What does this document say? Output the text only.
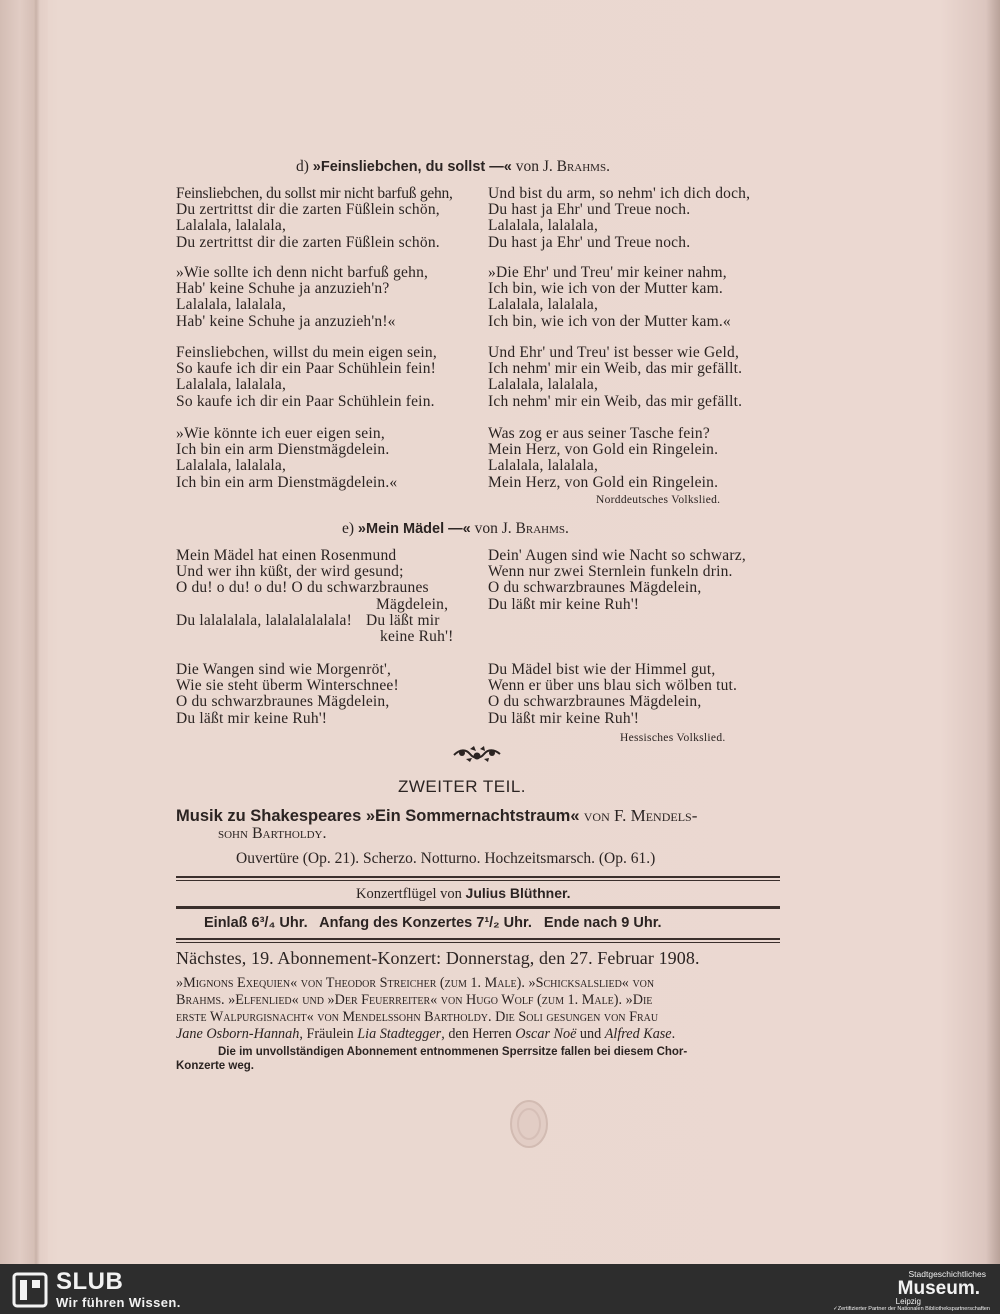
d) »Feinsliebchen, du sollst —« von J. Brahms.
Feinsliebchen, du sollst mir nicht barfuß gehn,
Du zertrittst dir die zarten Füßlein schön,
Lalalala, lalalala,
Du zertrittst dir die zarten Füßlein schön.
»Wie sollte ich denn nicht barfuß gehn,
Hab' keine Schuhe ja anzuzieh'n?
Lalalala, lalalala,
Hab' keine Schuhe ja anzuzieh'n!«
Feinsliebchen, willst du mein eigen sein,
So kaufe ich dir ein Paar Schühlein fein!
Lalalala, lalalala,
So kaufe ich dir ein Paar Schühlein fein.
»Wie könnte ich euer eigen sein,
Ich bin ein arm Dienstmägdelein.
Lalalala, lalalala,
Ich bin ein arm Dienstmägdelein.«
Und bist du arm, so nehm' ich dich doch,
Du hast ja Ehr' und Treue noch.
Lalalala, lalalala,
Du hast ja Ehr' und Treue noch.
»Die Ehr' und Treu' mir keiner nahm,
Ich bin, wie ich von der Mutter kam.
Lalalala, lalalala,
Ich bin, wie ich von der Mutter kam.«
Und Ehr' und Treu' ist besser wie Geld,
Ich nehm' mir ein Weib, das mir gefällt.
Lalalala, lalalala,
Ich nehm' mir ein Weib, das mir gefällt.
Was zog er aus seiner Tasche fein?
Mein Herz, von Gold ein Ringelein.
Lalalala, lalalala,
Mein Herz, von Gold ein Ringelein.
Norddeutsches Volkslied.
e) »Mein Mädel —« von J. Brahms.
Mein Mädel hat einen Rosenmund
Und wer ihn küßt, der wird gesund;
O du! o du! o du! O du schwarzbraunes
Mägdelein,
Du lalalalala, lalalalalalala! Du läßt mir
keine Ruh'!
Die Wangen sind wie Morgenröt',
Wie sie steht überm Winterschnee!
O du schwarzbraunes Mägdelein,
Du läßt mir keine Ruh'!
Dein' Augen sind wie Nacht so schwarz,
Wenn nur zwei Sternlein funkeln drin.
O du schwarzbraunes Mägdelein,
Du läßt mir keine Ruh'!
Du Mädel bist wie der Himmel gut,
Wenn er über uns blau sich wölben tut.
O du schwarzbraunes Mägdelein,
Du läßt mir keine Ruh'!
Hessisches Volkslied.
ZWEITER TEIL.
Musik zu Shakespeares »Ein Sommernachtstraum« von F. Mendels-
sohn Bartholdy.
Ouvertüre (Op. 21). Scherzo. Notturno. Hochzeitsmarsch. (Op. 61.)
Konzertflügel von Julius Blüthner.
Einlaß 6³/₄ Uhr.   Anfang des Konzertes 7¹/₂ Uhr.   Ende nach 9 Uhr.
Nächstes, 19. Abonnement-Konzert: Donnerstag, den 27. Februar 1908.
»Mignons Exequien« von Theodor Streicher (zum 1. Male). »Schicksalslied« von
Brahms. »Elfenlied« und »Der Feuerreiter« von Hugo Wolf (zum 1. Male). »Die
erste Walpurgisnacht« von Mendelssohn Bartholdy. Die Soli gesungen von Frau
Jane Osborn-Hannah, Fräulein Lia Stadtegger, den Herren Oscar Noë und Alfred Kase.
Die im unvollständigen Abonnement entnommenen Sperrsitze fallen bei diesem Chor-
Konzerte weg.
SLUB
Wir führen Wissen.
Stadtgeschichtliches
Museum.
Leipzig
✓Zertifizierter Partner der Nationalen Bibliothekspartnerschaften
